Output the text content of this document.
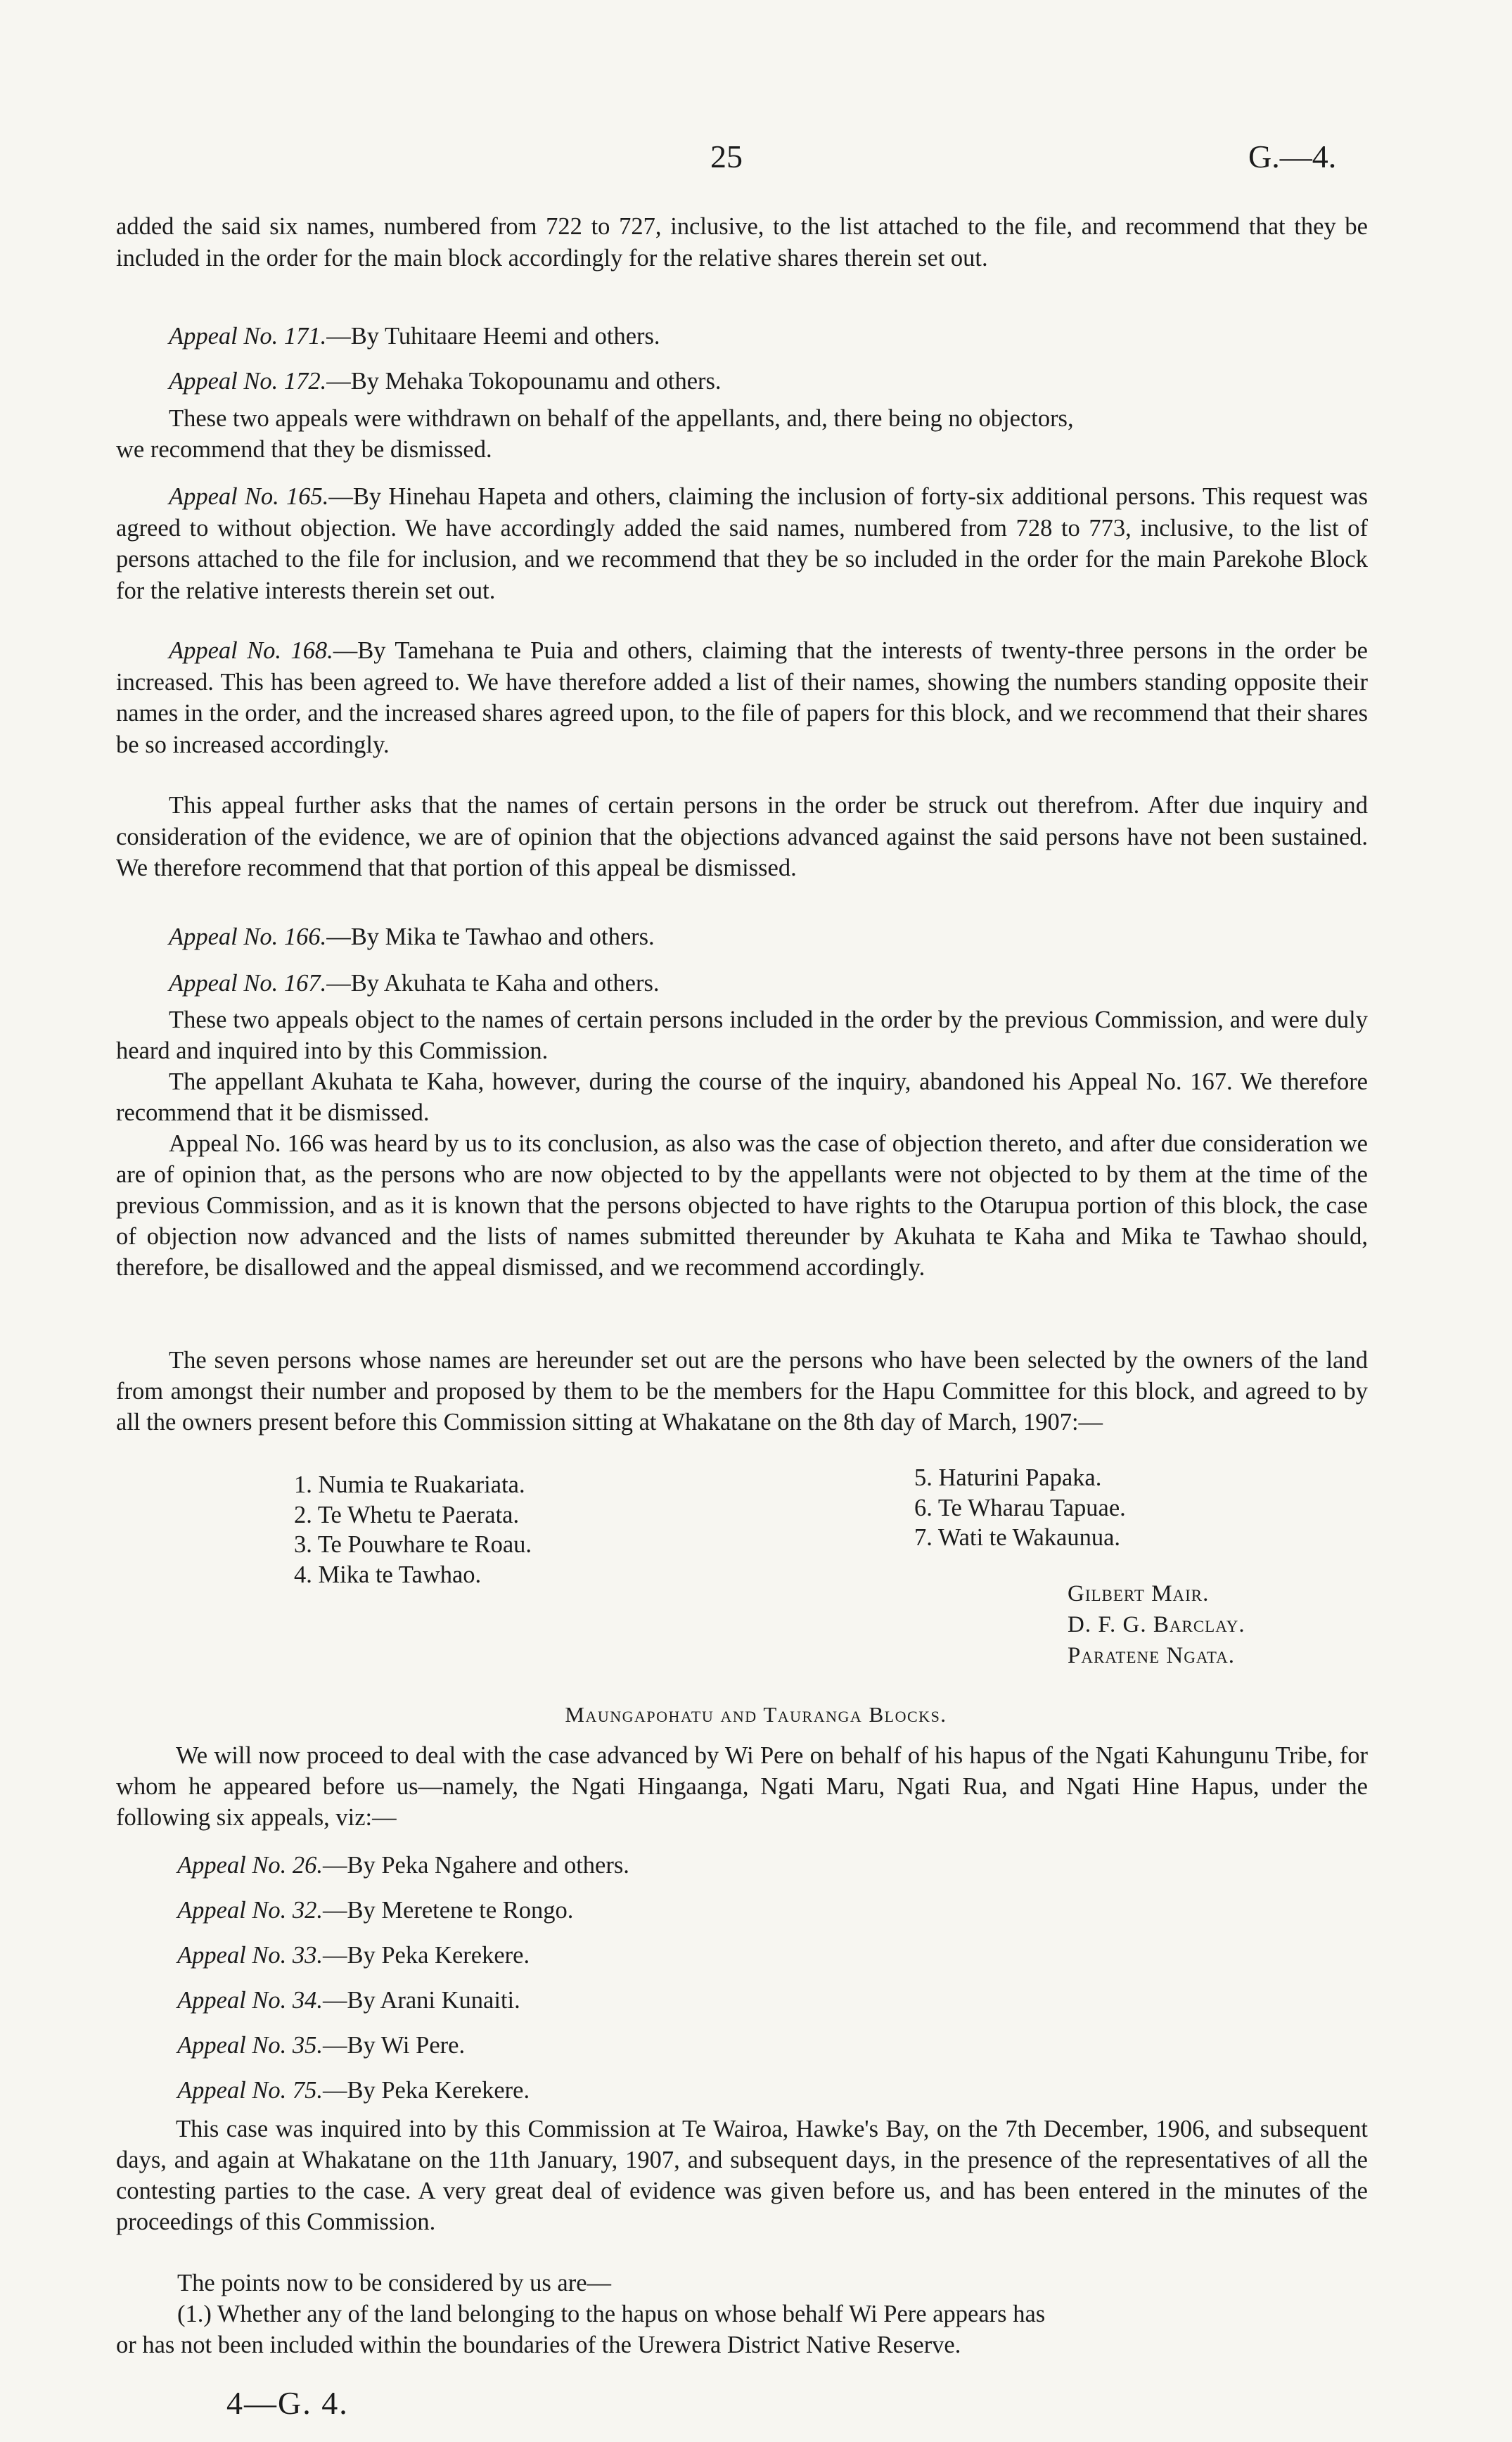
25	G.—4.

added the said six names, numbered from 722 to 727, inclusive, to the list attached to the file, and recommend that they be included in the order for the main block accordingly for the relative shares therein set out.

Appeal No. 171.—By Tuhitaare Heemi and others.

Appeal No. 172.—By Mehaka Tokopounamu and others.

These two appeals were withdrawn on behalf of the appellants, and, there being no objectors,

we recommend that they be dismissed.

Appeal No. 165.—By Hinehau Hapeta and others, claiming the inclusion of forty-six additional persons. This request was agreed to without objection. We have accordingly added the said names, numbered from 728 to 773, inclusive, to the list of persons attached to the file for inclusion, and we recommend that they be so included in the order for the main Parekohe Block for the relative interests therein set out.

Appeal No. 168.—By Tamehana te Puia and others, claiming that the interests of twenty-three persons in the order be increased. This has been agreed to. We have therefore added a list of their names, showing the numbers standing opposite their names in the order, and the increased shares agreed upon, to the file of papers for this block, and we recommend that their shares be so increased accordingly.

This appeal further asks that the names of certain persons in the order be struck out therefrom. After due inquiry and consideration of the evidence, we are of opinion that the objections advanced against the said persons have not been sustained. We therefore recommend that that portion of this appeal be dismissed.

Appeal No. 166.—By Mika te Tawhao and others.

Appeal No. 167.—By Akuhata te Kaha and others.

These two appeals object to the names of certain persons included in the order by the previous Commission, and were duly heard and inquired into by this Commission.

The appellant Akuhata te Kaha, however, during the course of the inquiry, abandoned his Appeal No. 167. We therefore recommend that it be dismissed.

Appeal No. 166 was heard by us to its conclusion, as also was the case of objection thereto, and after due consideration we are of opinion that, as the persons who are now objected to by the appellants were not objected to by them at the time of the previous Commission, and as it is known that the persons objected to have rights to the Otarupua portion of this block, the case of objection now advanced and the lists of names submitted thereunder by Akuhata te Kaha and Mika te Tawhao should, therefore, be disallowed and the appeal dismissed, and we recommend accordingly.

The seven persons whose names are hereunder set out are the persons who have been selected by the owners of the land from amongst their number and proposed by them to be the members for the Hapu Committee for this block, and agreed to by all the owners present before this Commission sitting at Whakatane on the 8th day of March, 1907:—

1. Numia te Ruakariata.
2. Te Whetu te Paerata.
3. Te Pouwhare te Roau.
4. Mika te Tawhao.
5. Haturini Papaka.
6. Te Wharau Tapuae.
7. Wati te Wakaunua.
Gilbert Mair.
D. F. G. Barclay.
Paratene Ngata.
Maungapohatu and Tauranga Blocks.

We will now proceed to deal with the case advanced by Wi Pere on behalf of his hapus of the Ngati Kahungunu Tribe, for whom he appeared before us—namely, the Ngati Hingaanga, Ngati Maru, Ngati Rua, and Ngati Hine Hapus, under the following six appeals, viz:—

Appeal No. 26.—By Peka Ngahere and others.

Appeal No. 32.—By Meretene te Rongo.

Appeal No. 33.—By Peka Kerekere.

Appeal No. 34.—By Arani Kunaiti.

Appeal No. 35.—By Wi Pere.

Appeal No. 75.—By Peka Kerekere.

This case was inquired into by this Commission at Te Wairoa, Hawke's Bay, on the 7th December, 1906, and subsequent days, and again at Whakatane on the 11th January, 1907, and subsequent days, in the presence of the representatives of all the contesting parties to the case. A very great deal of evidence was given before us, and has been entered in the minutes of the proceedings of this Commission.

The points now to be considered by us are—

(1.) Whether any of the land belonging to the hapus on whose behalf Wi Pere appears has

or has not been included within the boundaries of the Urewera District Native Reserve.

4—G. 4.
